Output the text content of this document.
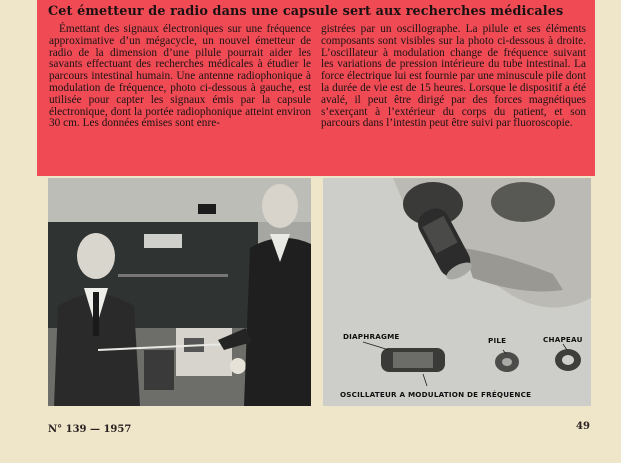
Cet émetteur de radio dans une capsule sert aux recherches médicales

Émettant des signaux électroniques sur une fréquence approximative d’un mégacycle, un nouvel émetteur de radio de la dimension d’une pilule pourrait aider les savants effectuant des recherches médicales à étudier le parcours intestinal humain. Une antenne radiophonique à modulation de fréquence, photo ci-dessous à gauche, est utilisée pour capter les signaux émis par la capsule électronique, dont la portée radiophonique atteint environ 30 cm. Les données émises sont enre-

gistrées par un oscillographe. La pilule et ses éléments composants sont visibles sur la photo ci-dessous à droite. L’oscillateur à modulation change de fréquence suivant les variations de pression intérieure du tube intestinal. La force électrique lui est fournie par une minuscule pile dont la durée de vie est de 15 heures. Lorsque le dispositif a été avalé, il peut être dirigé par des forces magnétiques s’exerçant à l’extérieur du corps du patient, et son parcours dans l’intestin peut être suivi par fluoroscopie.

DIAPHRAGME	PILE	CHAPEAU
OSCILLATEUR A MODULATION DE FRÉQUENCE
N° 139 — 1957	49
